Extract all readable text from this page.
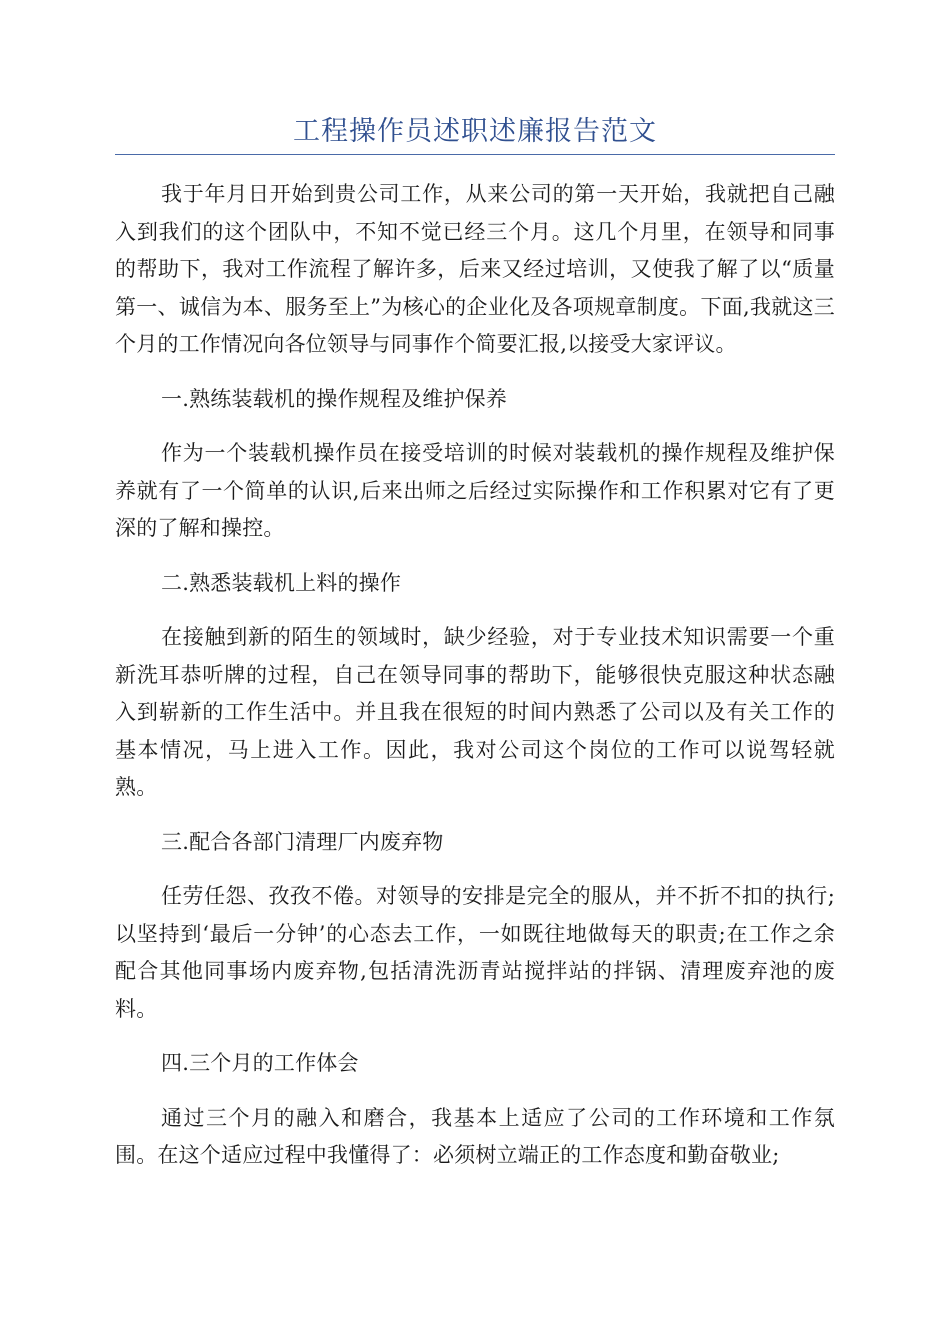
工程操作员述职述廉报告范文

我于年月日开始到贵公司工作，从来公司的第一天开始，我就把自己融入到我们的这个团队中，不知不觉已经三个月。这几个月里，在领导和同事的帮助下，我对工作流程了解许多，后来又经过培训，又使我了解了以“质量第一、诚信为本、服务至上”为核心的企业化及各项规章制度。下面,我就这三个月的工作情况向各位领导与同事作个简要汇报,以接受大家评议。

一.熟练装载机的操作规程及维护保养

作为一个装载机操作员在接受培训的时候对装载机的操作规程及维护保养就有了一个简单的认识,后来出师之后经过实际操作和工作积累对它有了更深的了解和操控。

二.熟悉装载机上料的操作

在接触到新的陌生的领域时，缺少经验，对于专业技术知识需要一个重新洗耳恭听牌的过程，自己在领导同事的帮助下，能够很快克服这种状态融入到崭新的工作生活中。并且我在很短的时间内熟悉了公司以及有关工作的基本情况，马上进入工作。因此，我对公司这个岗位的工作可以说驾轻就熟。

三.配合各部门清理厂内废弃物

任劳任怨、孜孜不倦。对领导的安排是完全的服从，并不折不扣的执行;以坚持到‘最后一分钟’的心态去工作，一如既往地做每天的职责;在工作之余配合其他同事场内废弃物,包括清洗沥青站搅拌站的拌锅、清理废弃池的废料。

四.三个月的工作体会

通过三个月的融入和磨合，我基本上适应了公司的工作环境和工作氛围。在这个适应过程中我懂得了：必须树立端正的工作态度和勤奋敬业;
